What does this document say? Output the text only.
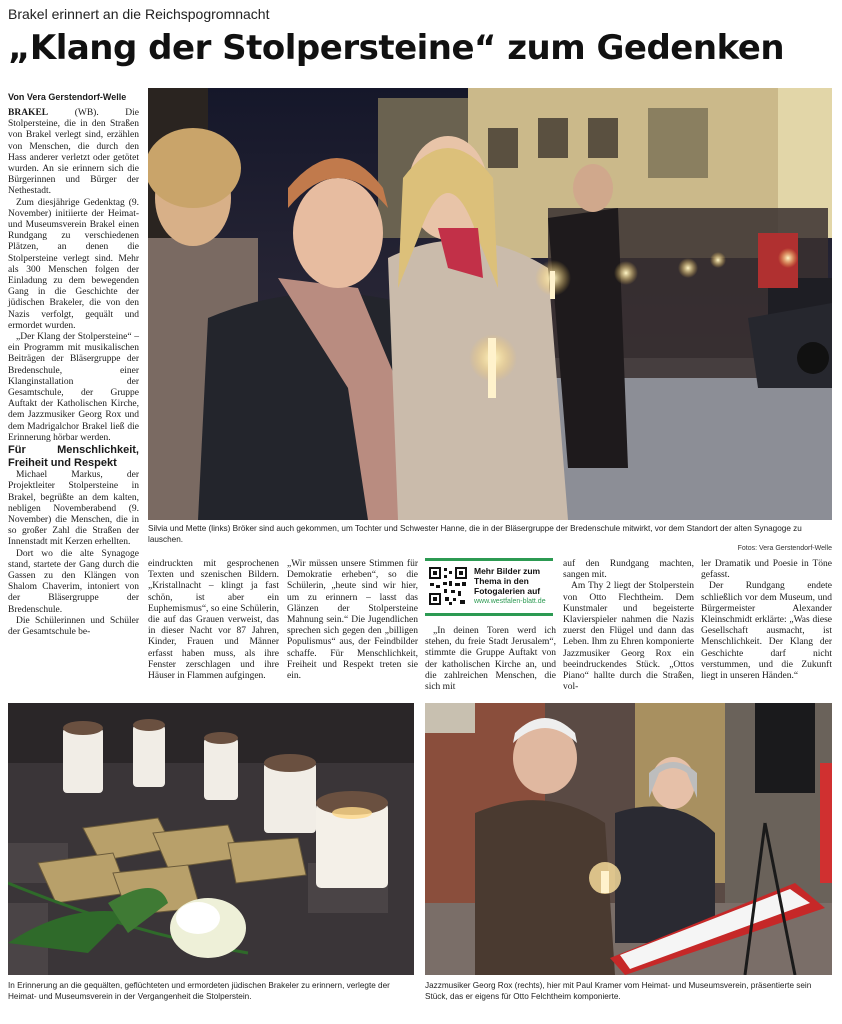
Brakel erinnert an die Reichspogromnacht
„Klang der Stolpersteine“ zum Gedenken
Von Vera Gerstendorf-Welle

BRAKEL (WB). Die Stolpersteine, die in den Straßen von Brakel verlegt sind, erzählen von Menschen, die durch den Hass anderer verletzt oder getötet wurden. An sie erinnern sich die Bürgerinnen und Bürger der Nethestadt.

Zum diesjährige Gedenktag (9. November) initiierte der Heimat- und Museumsverein Brakel einen Rundgang zu verschiedenen Plätzen, an denen die Stolpersteine verlegt sind. Mehr als 300 Menschen folgen der Einladung zu dem bewegenden Gang in die Geschichte der jüdischen Brakeler, die von den Nazis verfolgt, gequält und ermordet wurden.

„Der Klang der Stolpersteine“ – ein Programm mit musikalischen Beiträgen der Bläsergruppe der Bredenschule, einer Klanginstallation der Gesamtschule, der Gruppe Auftakt der Katholischen Kirche, dem Jazzmusiker Georg Rox und dem Madrigalchor Brakel ließ die Erinnerung hörbar werden.

Für Menschlichkeit, Freiheit und Respekt

Michael Markus, der Projektleiter Stolpersteine in Brakel, begrüßte an dem kalten, nebligen Novemberabend (9. November) die Menschen, die in so großer Zahl die Straßen der Innenstadt mit Kerzen erhellten.

Dort wo die alte Synagoge stand, startete der Gang durch die Gassen zu den Klängen von Shalom Chaverim, intoniert von der Bläsergruppe der Bredenschule.

Die Schülerinnen und Schüler der Gesamtschule be-

Silvia und Mette (links) Bröker sind auch gekommen, um Tochter und Schwester Hanne, die in der Bläsergruppe der Bredenschule mitwirkt, vor dem Standort der alten Synagoge zu lauschen.
Fotos: Vera Gerstendorf-Welle

eindruckten mit gesprochenen Texten und szenischen Bildern. „Kristallnacht – klingt ja fast schön, ist aber ein Euphemismus“, so eine Schülerin, die auf das Grauen verweist, das in dieser Nacht vor 87 Jahren, Kinder, Frauen und Männer erfasst haben muss, als ihre Fenster zerschlagen und ihre Häuser in Flammen aufgingen.

„Wir müssen unsere Stimmen für Demokratie erheben“, so die Schülerin, „heute sind wir hier, um zu erinnern – lasst das Glänzen der Stolpersteine Mahnung sein.“ Die Jugendlichen sprechen sich gegen den „billigen Populismus“ aus, der Feindbilder schaffe. Für Menschlichkeit, Freiheit und Respekt treten sie ein.

Mehr Bilder zum
Thema in den
Fotogalerien auf
www.westfalen-blatt.de

„In deinen Toren werd ich stehen, du freie Stadt Jerusalem“, stimmte die Gruppe Auftakt von der katholischen Kirche an, und die zahlreichen Menschen, die sich mit

auf den Rundgang machten, sangen mit.

Am Thy 2 liegt der Stolperstein von Otto Flechtheim. Dem Kunstmaler und begeisterte Klavierspieler nahmen die Nazis zuerst den Flügel und dann das Leben. Ihm zu Ehren komponierte Jazzmusiker Georg Rox ein beeindruckendes Stück. „Ottos Piano“ hallte durch die Straßen, vol-

ler Dramatik und Poesie in Töne gefasst.

Der Rundgang endete schließlich vor dem Museum, und Bürgermeister Alexander Kleinschmidt erklärte: „Was diese Gesellschaft ausmacht, ist Menschlichkeit. Der Klang der Geschichte darf nicht verstummen, und die Zukunft liegt in unseren Händen.“

In Erinnerung an die gequälten, geflüchteten und ermordeten jüdischen Brakeler zu erinnern, verlegte der Heimat- und Museumsverein in der Vergangenheit die Stolperstein.
Jazzmusiker Georg Rox (rechts), hier mit Paul Kramer vom Heimat- und Museumsverein, präsentierte sein Stück, das er eigens für Otto Felchtheim komponierte.
